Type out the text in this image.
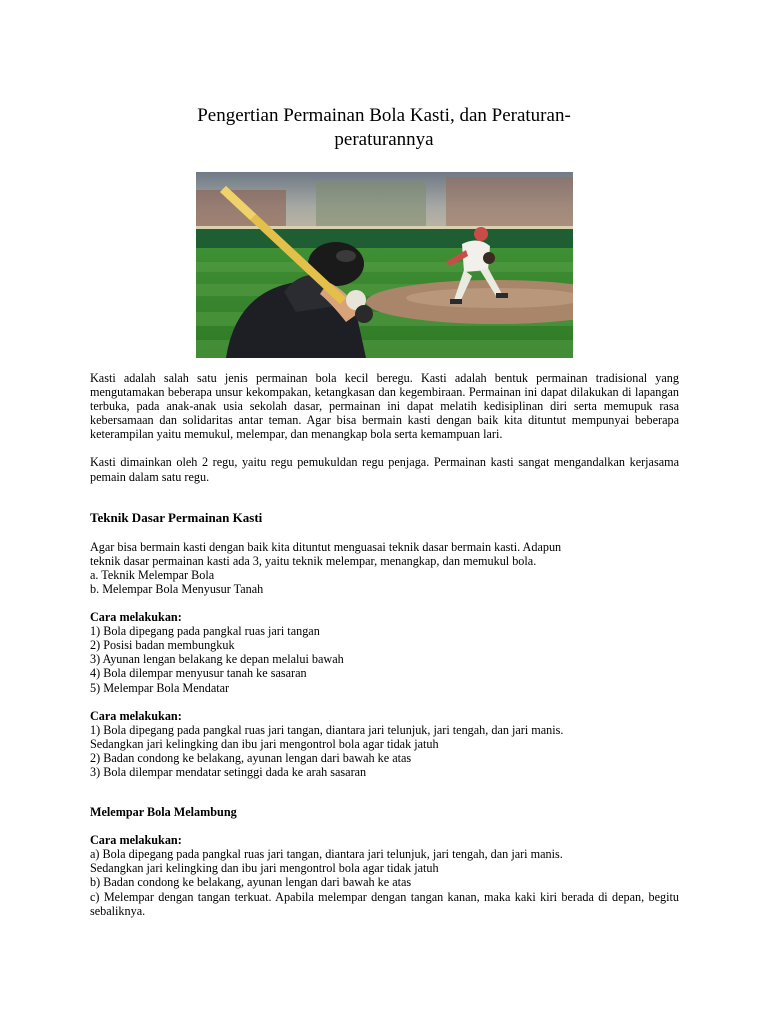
Pengertian Permainan Bola Kasti, dan Peraturan-
peraturannya

Kasti adalah salah satu jenis permainan bola kecil beregu. Kasti adalah bentuk permainan tradisional yang mengutamakan beberapa unsur kekompakan, ketangkasan dan kegembiraan. Permainan ini dapat dilakukan di lapangan terbuka, pada anak-anak usia sekolah dasar, permainan ini dapat melatih kedisiplinan diri serta memupuk rasa kebersamaan dan solidaritas antar teman. Agar bisa bermain kasti dengan baik kita dituntut mempunyai beberapa keterampilan yaitu memukul, melempar, dan menangkap bola serta kemampuan lari.

Kasti dimainkan oleh 2 regu, yaitu regu pemukuldan regu penjaga. Permainan kasti sangat mengandalkan kerjasama pemain dalam satu regu.

Teknik Dasar Permainan Kasti

Agar bisa bermain kasti dengan baik kita dituntut menguasai teknik dasar bermain kasti. Adapun
teknik dasar permainan kasti ada 3, yaitu teknik melempar, menangkap, dan memukul bola.
a. Teknik Melempar Bola
b. Melempar Bola Menyusur Tanah

Cara melakukan:

1) Bola dipegang pada pangkal ruas jari tangan
2) Posisi badan membungkuk
3) Ayunan lengan belakang ke depan melalui bawah
4) Bola dilempar menyusur tanah ke sasaran
5) Melempar Bola Mendatar

Cara melakukan:

1) Bola dipegang pada pangkal ruas jari tangan, diantara jari telunjuk, jari tengah, dan jari manis.
Sedangkan jari kelingking dan ibu jari mengontrol bola agar tidak jatuh
2) Badan condong ke belakang, ayunan lengan dari bawah ke atas
3) Bola dilempar mendatar setinggi dada ke arah sasaran

Melempar Bola Melambung

Cara melakukan:

a) Bola dipegang pada pangkal ruas jari tangan, diantara jari telunjuk, jari tengah, dan jari manis.
Sedangkan jari kelingking dan ibu jari mengontrol bola agar tidak jatuh
b) Badan condong ke belakang, ayunan lengan dari bawah ke atas

c) Melempar dengan tangan terkuat. Apabila melempar dengan tangan kanan, maka kaki kiri berada di depan, begitu sebaliknya.
